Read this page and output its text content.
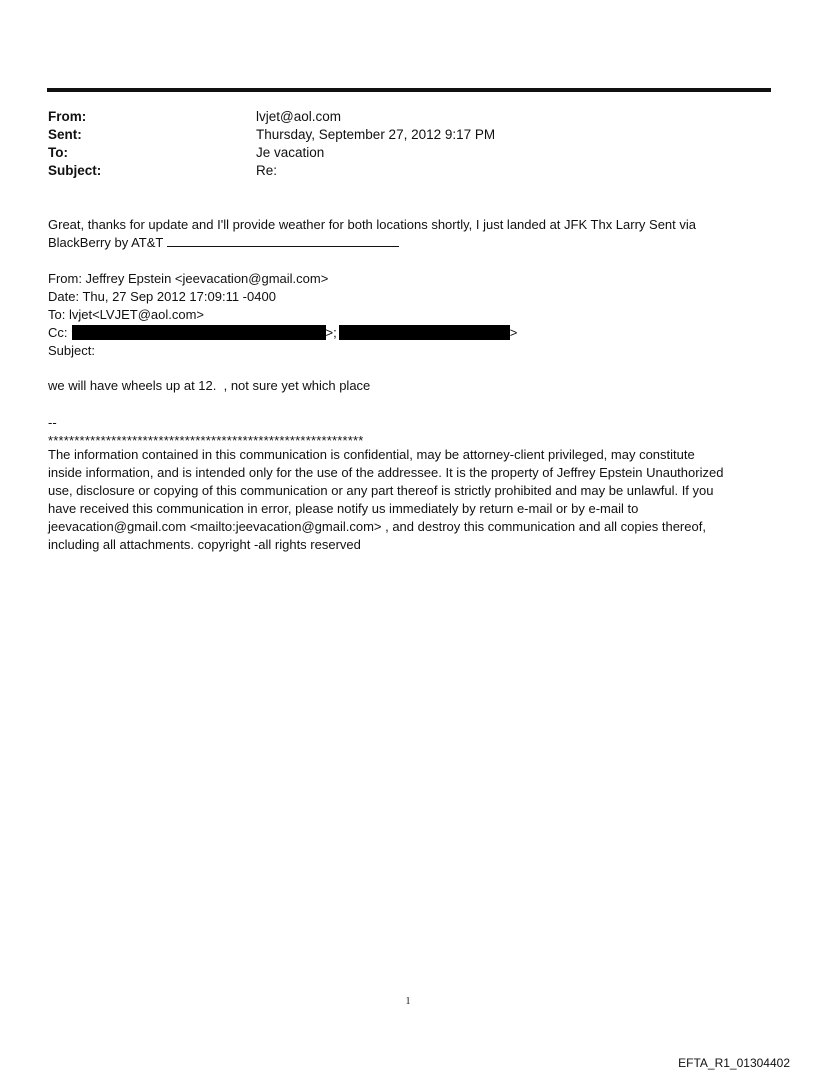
From:	lvjet@aol.com
Sent:	Thursday, September 27, 2012 9:17 PM
To:	Je vacation
Subject:	Re:
Great, thanks for update and I'll provide weather for both locations shortly, I just landed at JFK Thx Larry Sent via
BlackBerry by AT&T
From: Jeffrey Epstein <jeevacation@gmail.com>
Date: Thu, 27 Sep 2012 17:09:11 -0400
To: lvjet<LVJET@aol.com>
Cc:	>;	>
Subject:
we will have wheels up at 12.  , not sure yet which place
--
************************************************************
The information contained in this communication is confidential, may be attorney-client privileged, may constitute
inside information, and is intended only for the use of the addressee. It is the property of Jeffrey Epstein Unauthorized
use, disclosure or copying of this communication or any part thereof is strictly prohibited and may be unlawful. If you
have received this communication in error, please notify us immediately by return e-mail or by e-mail to
jeevacation@gmail.com <mailto:jeevacation@gmail.com> , and destroy this communication and all copies thereof,
including all attachments. copyright -all rights reserved
1
EFTA_R1_01304402
